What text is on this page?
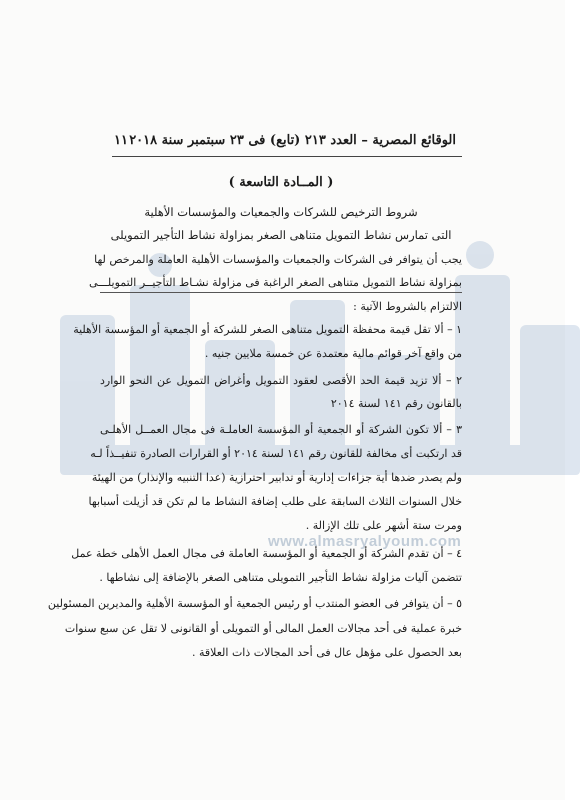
www.almasryalyoum.com
الوقائع المصرية – العدد ٢١٣ (تابع) فى ٢٣ سبتمبر سنة ٢٠١٨
١١
( المــادة التاسعة )
شروط الترخيص للشركات والجمعيات والمؤسسات الأهلية
التى تمارس نشاط التمويل متناهى الصغر بمزاولة نشاط التأجير التمويلى
يجب أن يتوافر فى الشركات والجمعيات والمؤسسات الأهلية العاملة والمرخص لها
بمزاولة نشاط التمويل متناهى الصغر الراغبة فى مزاولة نشـاط التأجيــر التمويلـــى
الالتزام بالشروط الآتية :
١ – ألا تقل قيمة محفظة التمويل متناهى الصغر للشركة أو الجمعية أو المؤسسة الأهلية
من واقع آخر قوائم مالية معتمدة عن خمسة ملايين جنيه .
٢ – ألا تزيد قيمة الحد الأقصى لعقود التمويل وأغراض التمويل عن النحو الوارد
بالقانون رقم ١٤١ لسنة ٢٠١٤
٣ – ألا تكون الشركة أو الجمعية أو المؤسسة العاملـة فى مجال العمــل الأهلـى
قد ارتكبت أى مخالفة للقانون رقم ١٤١ لسنة ٢٠١٤ أو القرارات الصادرة تنفيــذاً لـه
ولم يصدر ضدها أية جزاءات إدارية أو تدابير احترازية (عدا التنبيه والإنذار) من الهيئة
خلال السنوات الثلاث السابقة على طلب إضافة النشاط ما لم تكن قد أزيلت أسبابها
ومرت ستة أشهر على تلك الإزالة .
٤ – أن تقدم الشركة أو الجمعية أو المؤسسة العاملة فى مجال العمل الأهلى خطة عمل
تتضمن آليات مزاولة نشاط التأجير التمويلى متناهى الصغر بالإضافة إلى نشاطها .
٥ – أن يتوافر فى العضو المنتدب أو رئيس الجمعية أو المؤسسة الأهلية والمديرين المسئولين
خبرة عملية فى أحد مجالات العمل المالى أو التمويلى أو القانونى لا تقل عن سبع سنوات
بعد الحصول على مؤهل عال فى أحد المجالات ذات العلاقة .
